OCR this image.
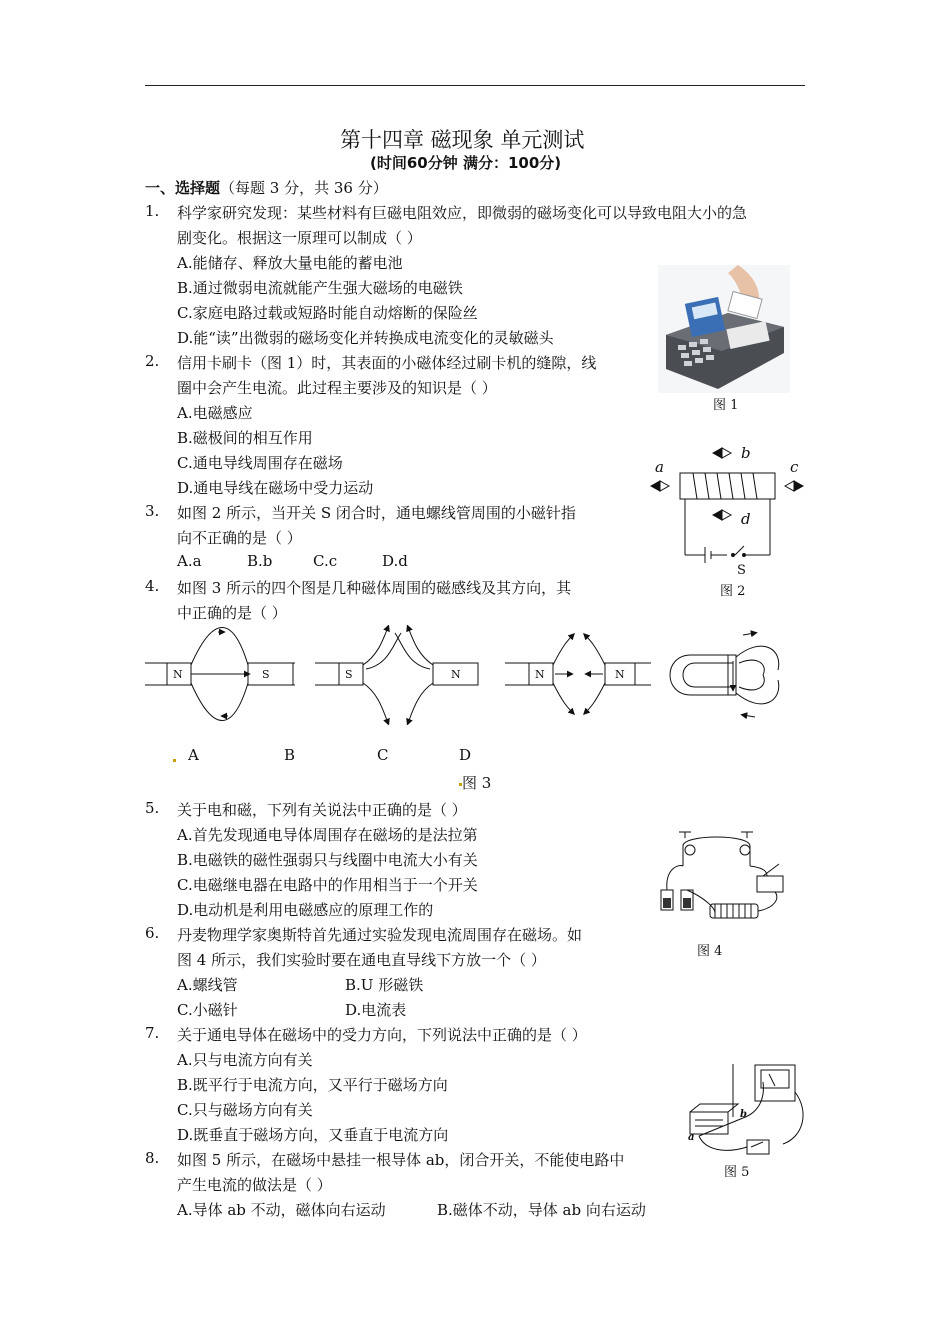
第十四章 磁现象 单元测试
(时间60分钟 满分：100分)
一、选择题（每题 3 分，共 36 分）
1. 科学家研究发现：某些材料有巨磁电阻效应，即微弱的磁场变化可以导致电阻大小的急
剧变化。根据这一原理可以制成（ ）
A.能储存、释放大量电能的蓄电池
B.通过微弱电流就能产生强大磁场的电磁铁
C.家庭电路过载或短路时能自动熔断的保险丝
D.能“读”出微弱的磁场变化并转换成电流变化的灵敏磁头
2. 信用卡刷卡（图 1）时，其表面的小磁体经过刷卡机的缝隙，线
圈中会产生电流。此过程主要涉及的知识是（ ）
A.电磁感应
B.磁极间的相互作用
C.通电导线周围存在磁场
D.通电导线在磁场中受力运动
3. 如图 2 所示，当开关 S 闭合时，通电螺线管周围的小磁针指
向不正确的是（ ）
A.a	B.b	C.c	D.d
4. 如图 3 所示的四个图是几种磁体周围的磁感线及其方向，其
中正确的是（ ）
N	S	S	N	N	N
A	B	C	D
图 3
5. 关于电和磁，下列有关说法中正确的是（ ）
A.首先发现通电导体周围存在磁场的是法拉第
B.电磁铁的磁性强弱只与线圈中电流大小有关
C.电磁继电器在电路中的作用相当于一个开关
D.电动机是利用电磁感应的原理工作的
6. 丹麦物理学家奥斯特首先通过实验发现电流周围存在磁场。如
图 4 所示，我们实验时要在通电直导线下方放一个（ ）
A.螺线管	B.U 形磁铁
C.小磁针	D.电流表
7. 关于通电导体在磁场中的受力方向，下列说法中正确的是（ ）
A.只与电流方向有关
B.既平行于电流方向，又平行于磁场方向
C.只与磁场方向有关
D.既垂直于磁场方向，又垂直于电流方向
8. 如图 5 所示，在磁场中悬挂一根导体 ab，闭合开关，不能使电路中
产生电流的做法是（ ）
A.导体 ab 不动，磁体向右运动	B.磁体不动，导体 ab 向右运动
图 1
a
b
c
d
S
图 2
图 4
a
b
图 5
